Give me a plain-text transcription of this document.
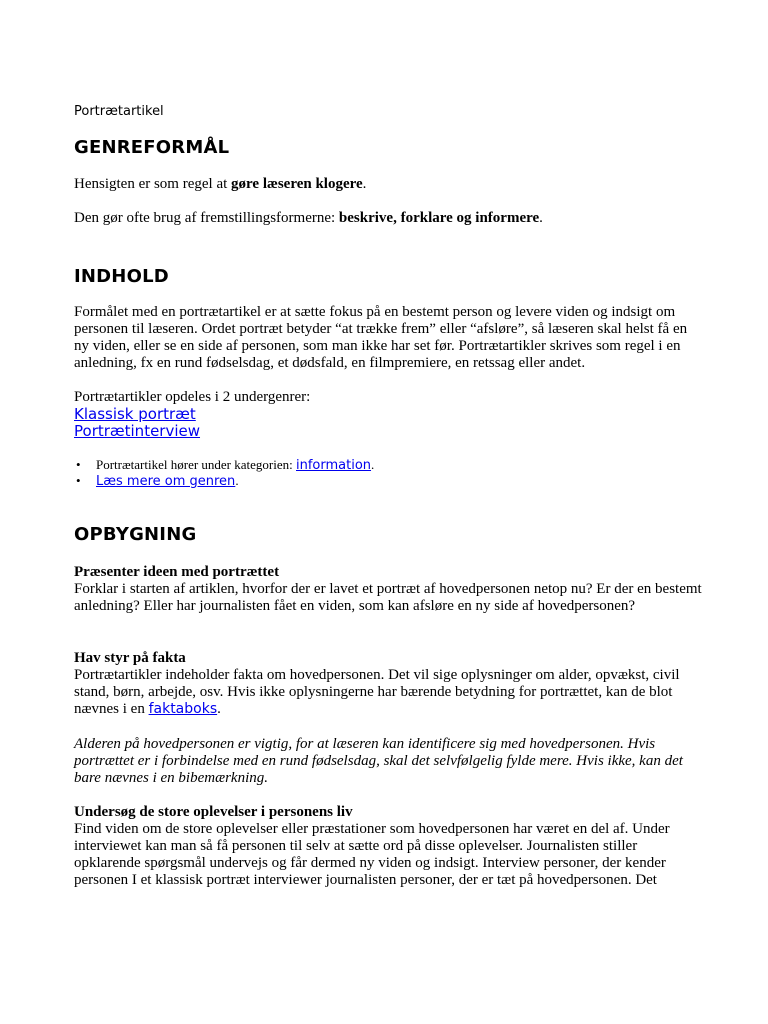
Portrætartikel
GENREFORMÅL

Hensigten er som regel at gøre læseren klogere.

Den gør ofte brug af fremstillingsformerne: beskrive, forklare og informere.

INDHOLD

Formålet med en portrætartikel er at sætte fokus på en bestemt person og levere viden og indsigt om personen til læseren. Ordet portræt betyder “at trække frem” eller “afsløre”, så læseren skal helst få en ny viden, eller se en side af personen, som man ikke har set før. Portrætartikler skrives som regel i en anledning, fx en rund fødselsdag, et dødsfald, en filmpremiere, en retssag eller andet.

Portrætartikler opdeles i 2 undergenrer:

Klassisk portræt
Portrætinterview
• Portrætartikel hører under kategorien: information.
• Læs mere om genren.
OPBYGNING

Præsenter ideen med portrættet
Forklar i starten af artiklen, hvorfor der er lavet et portræt af hovedpersonen netop nu? Er der en bestemt anledning? Eller har journalisten fået en viden, som kan afsløre en ny side af hovedpersonen?

Hav styr på fakta
Portrætartikler indeholder fakta om hovedpersonen. Det vil sige oplysninger om alder, opvækst, civil stand, børn, arbejde, osv. Hvis ikke oplysningerne har bærende betydning for portrættet, kan de blot nævnes i en faktaboks.

Alderen på hovedpersonen er vigtig, for at læseren kan identificere sig med hovedpersonen. Hvis portrættet er i forbindelse med en rund fødselsdag, skal det selvfølgelig fylde mere. Hvis ikke, kan det bare nævnes i en bibemærkning.

Undersøg de store oplevelser i personens liv
Find viden om de store oplevelser eller præstationer som hovedpersonen har været en del af. Under interviewet kan man så få personen til selv at sætte ord på disse oplevelser. Journalisten stiller opklarende spørgsmål undervejs og får dermed ny viden og indsigt. Interview personer, der kender personen I et klassisk portræt interviewer journalisten personer, der er tæt på hovedpersonen. Det
